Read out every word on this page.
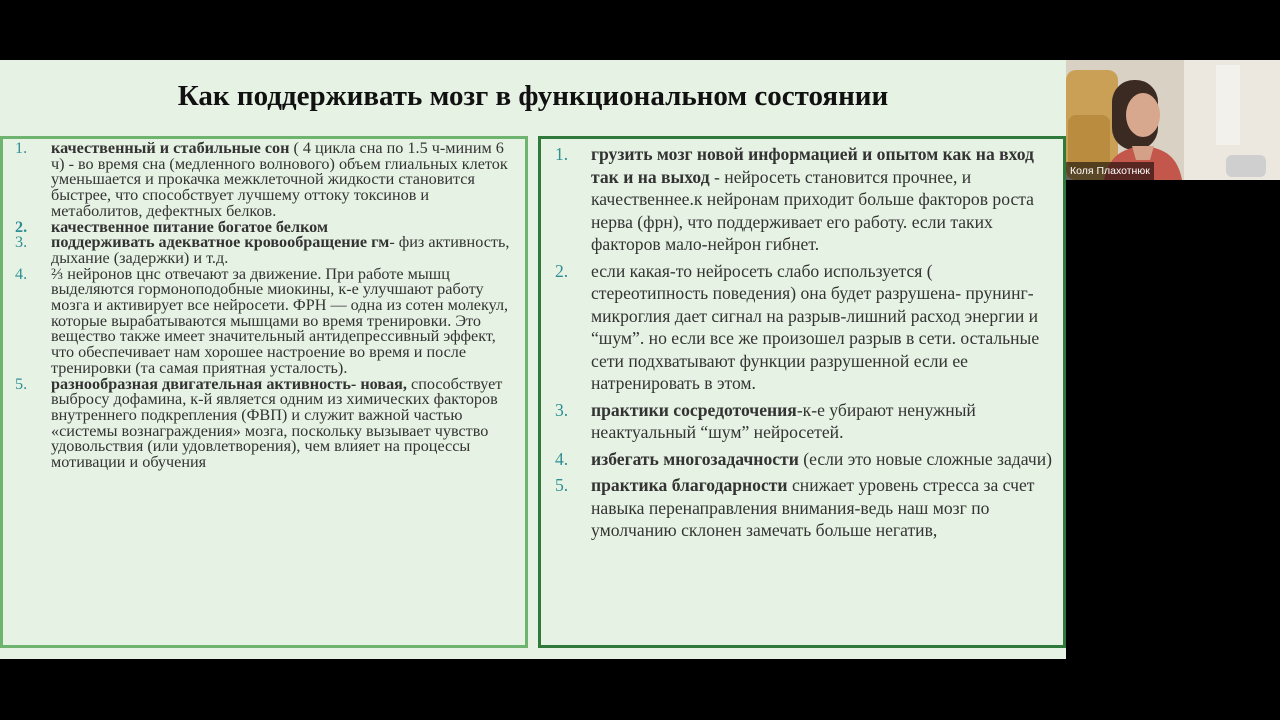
Как поддерживать мозг в функциональном состоянии
1. качественный и стабильные сон ( 4 цикла сна по 1.5 ч-миним 6 ч) - во время сна (медленного волнового) объем глиальных клеток уменьшается и прокачка межклеточной жидкости становится быстрее, что способствует лучшему оттоку токсинов и метаболитов, дефектных белков.
2. качественное питание богатое белком
3. поддерживать адекватное кровообращение гм- физ активность, дыхание (задержки) и т.д.
4. ⅔ нейронов цнс отвечают за движение. При работе мышц выделяются гормоноподобные миокины, к-е улучшают работу мозга и активирует все нейросети. ФРН — одна из сотен молекул, которые вырабатываются мышцами во время тренировки. Это вещество также имеет значительный антидепрессивный эффект, что обеспечивает нам хорошее настроение во время и после тренировки (та самая приятная усталость).
5. разнообразная двигательная активность- новая, способствует выбросу дофамина, к-й является одним из химических факторов внутреннего подкрепления (ФВП) и служит важной частью «системы вознаграждения» мозга, поскольку вызывает чувство удовольствия (или удовлетворения), чем влияет на процессы мотивации и обучения
1. грузить мозг новой информацией и опытом как на вход так и на выход - нейросеть становится прочнее, и качественнее.к нейронам приходит больше факторов роста нерва (фрн), что поддерживает его работу. если таких факторов мало-нейрон гибнет.
2. если какая-то нейросеть слабо используется ( стереотипность поведения) она будет разрушена- прунинг- микроглия дает сигнал на разрыв-лишний расход энергии и “шум”. но если все же произошел разрыв в сети. остальные сети подхватывают функции разрушенной если ее натренировать в этом.
3. практики сосредоточения-к-е убирают ненужный неактуальный “шум” нейросетей.
4. избегать многозадачности (если это новые сложные задачи)
5. практика благодарности снижает уровень стресса за счет навыка перенаправления внимания-ведь наш мозг по умолчанию склонен замечать больше негатив,
Коля Плахотнюк
